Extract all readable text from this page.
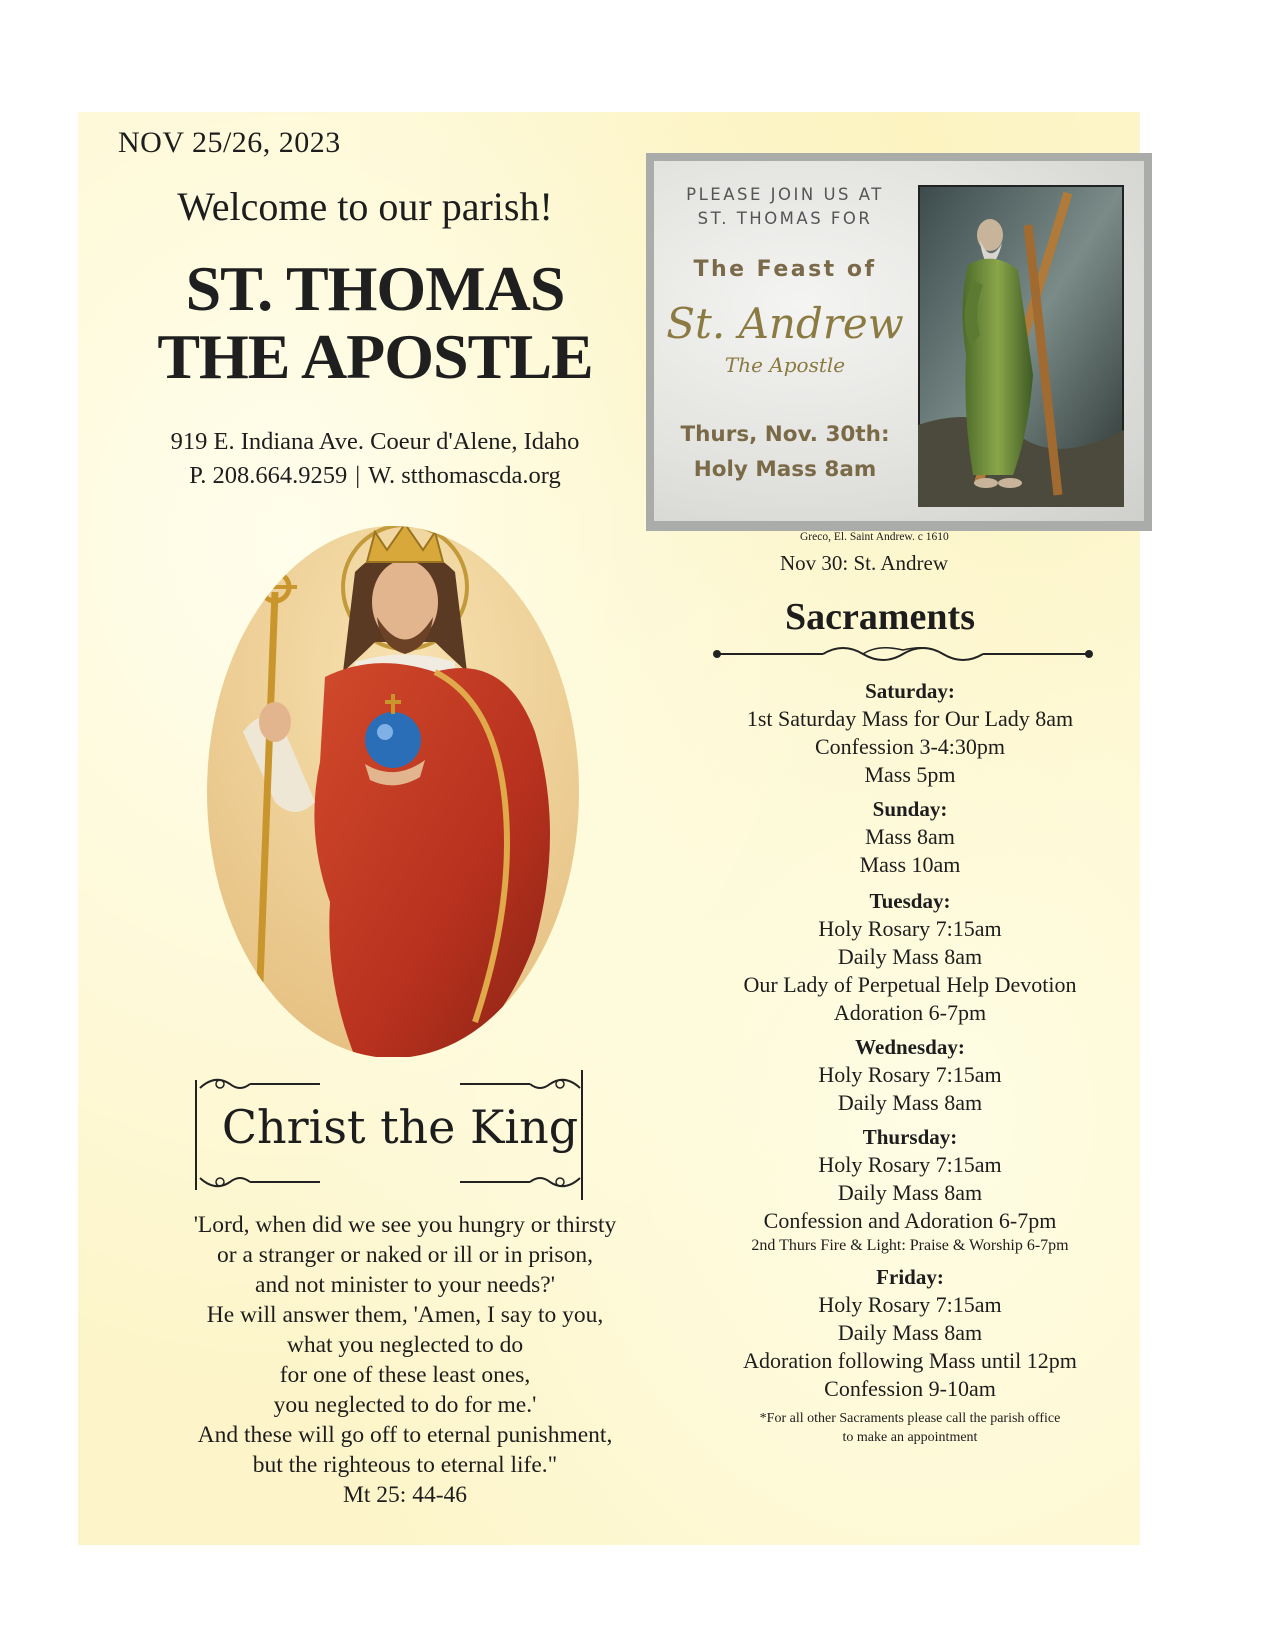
NOV 25/26, 2023
Welcome to our parish!
ST. THOMAS
THE APOSTLE
919 E. Indiana Ave. Coeur d'Alene, Idaho
P. 208.664.9259 | W. stthomascda.org
PLEASE JOIN US AT
ST. THOMAS FOR
The Feast of
St. Andrew
The Apostle
Thurs, Nov. 30th:
Holy Mass 8am
Greco, El. Saint Andrew. c 1610
Nov 30: St. Andrew
Sacraments
Saturday:
1st Saturday Mass for Our Lady 8am
Confession 3-4:30pm
Mass 5pm
Sunday:
Mass 8am
Mass 10am
Tuesday:
Holy Rosary 7:15am
Daily Mass 8am
Our Lady of Perpetual Help Devotion
Adoration 6-7pm
Wednesday:
Holy Rosary 7:15am
Daily Mass 8am
Thursday:
Holy Rosary 7:15am
Daily Mass 8am
Confession and Adoration 6-7pm
2nd Thurs Fire & Light: Praise & Worship 6-7pm
Friday:
Holy Rosary 7:15am
Daily Mass 8am
Adoration following Mass until 12pm
Confession 9-10am
*For all other Sacraments please call the parish office
to make an appointment
Christ the King
'Lord, when did we see you hungry or thirsty
or a stranger or naked or ill or in prison,
and not minister to your needs?'
He will answer them, 'Amen, I say to you,
what you neglected to do
for one of these least ones,
you neglected to do for me.'
And these will go off to eternal punishment,
but the righteous to eternal life."
Mt 25: 44-46
